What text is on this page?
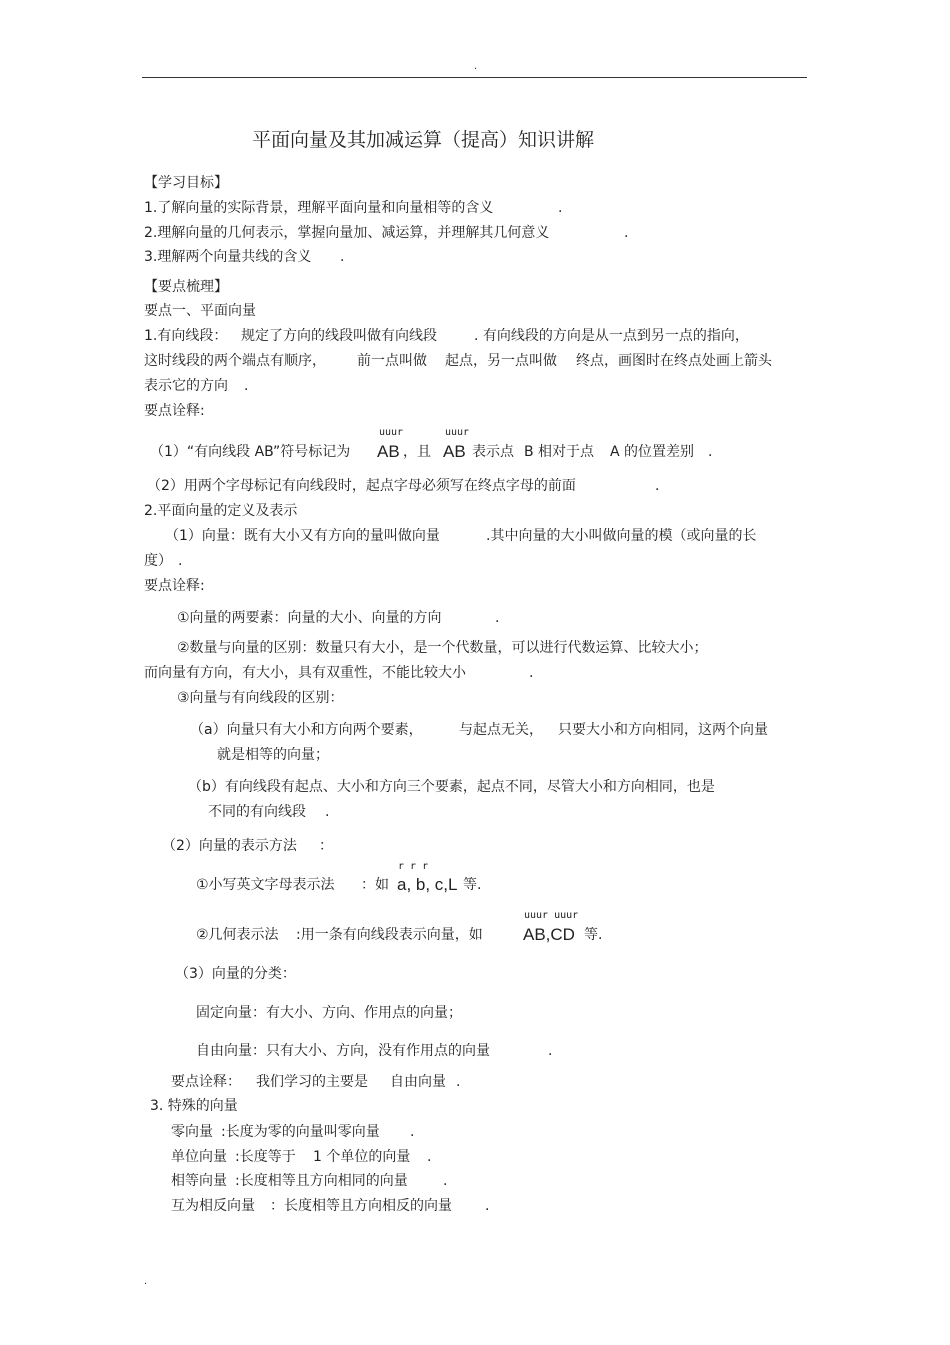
.
平面向量及其加减运算（提高）知识讲解
【学习目标】
1.了解向量的实际背景，理解平面向量和向量相等的含义	.
2.理解向量的几何表示，掌握向量加、减运算，并理解其几何意义	.
3.理解两个向量共线的含义 .
【要点梳理】
要点一、平面向量
1.有向线段： 规定了方向的线段叫做有向线段	. 有向线段的方向是从一点到另一点的指向，
这时线段的两个端点有顺序， 前一点叫做 起点，另一点叫做 终点，画图时在终点处画上箭头
表示它的方向 .
要点诠释:
（1）“有向线段 AB”符号标记为
uuur
AB ，且
uuur
AB 表示点 B 相对于点 A 的位置差别 .
（2）用两个字母标记有向线段时，起点字母必须写在终点字母的前面	.
2.平面向量的定义及表示
（1）向量：既有大小又有方向的量叫做向量	.其中向量的大小叫做向量的模（或向量的长
度） .
要点诠释:
①向量的两要素：向量的大小、向量的方向	.
②数量与向量的区别：数量只有大小，是一个代数量，可以进行代数运算、比较大小；
而向量有方向，有大小，具有双重性，不能比较大小	.
③向量与有向线段的区别：
（a）向量只有大小和方向两个要素，	与起点无关， 只要大小和方向相同，这两个向量
就是相等的向量；
（b）有向线段有起点、大小和方向三个要素，起点不同，尽管大小和方向相同，也是
不同的有向线段 .
（2）向量的表示方法 ：
①小写英文字母表示法 ：如
r r r
a, b, c,L 等.
②几何表示法 :用一条有向线段表示向量，如
uuur uuur
AB,CD 等.
（3）向量的分类：
固定向量：有大小、方向、作用点的向量；
自由向量：只有大小、方向，没有作用点的向量	.
要点诠释： 我们学习的主要是 自由向量 .
3. 特殊的向量
零向量 :长度为零的向量叫零向量 .
单位向量 :长度等于 1 个单位的向量 .
相等向量 :长度相等且方向相同的向量	.
互为相反向量 ：长度相等且方向相反的向量 .
.
